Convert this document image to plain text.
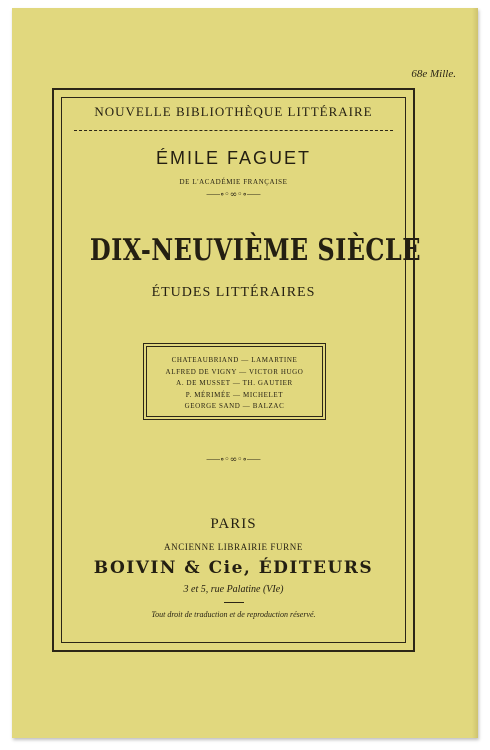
68e Mille.
NOUVELLE BIBLIOTHÈQUE LITTÉRAIRE
ÉMILE FAGUET
DE L'ACADÉMIE FRANÇAISE
⎯⎯⎯∘◦∞◦∘⎯⎯⎯
DIX-NEUVIÈME SIÈCLE
ÉTUDES LITTÉRAIRES
CHATEAUBRIAND — LAMARTINE
ALFRED DE VIGNY — VICTOR HUGO
A. DE MUSSET — TH. GAUTIER
P. MÉRIMÉE — MICHELET
GEORGE SAND — BALZAC
⎯⎯⎯∘◦∞◦∘⎯⎯⎯
PARIS
ANCIENNE LIBRAIRIE FURNE
BOIVIN & Cie, ÉDITEURS
3 et 5, rue Palatine (VIe)
Tout droit de traduction et de reproduction réservé.
